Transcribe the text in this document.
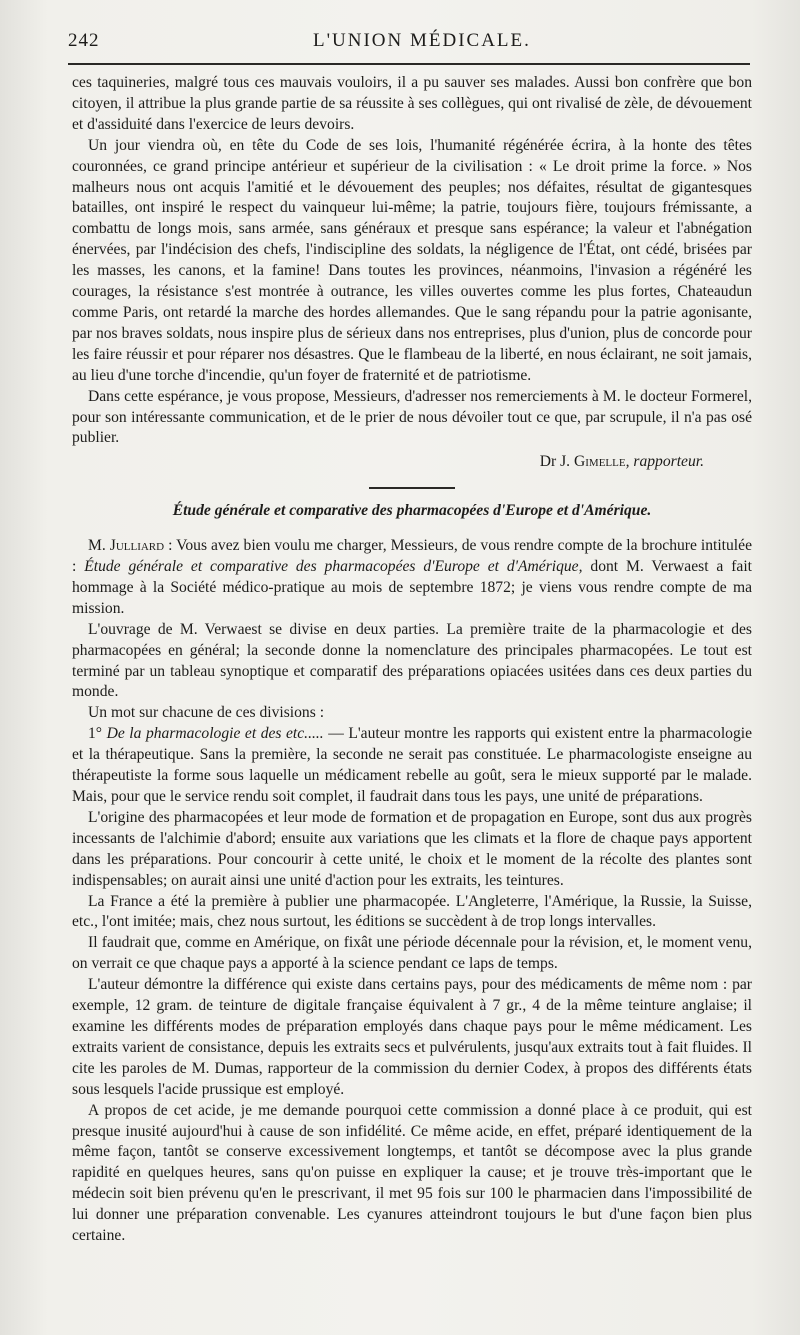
242	L'UNION MÉDICALE.

ces taquineries, malgré tous ces mauvais vouloirs, il a pu sauver ses malades. Aussi bon confrère que bon citoyen, il attribue la plus grande partie de sa réussite à ses collègues, qui ont rivalisé de zèle, de dévouement et d'assiduité dans l'exercice de leurs devoirs.

Un jour viendra où, en tête du Code de ses lois, l'humanité régénérée écrira, à la honte des têtes couronnées, ce grand principe antérieur et supérieur de la civilisation : « Le droit prime la force. » Nos malheurs nous ont acquis l'amitié et le dévouement des peuples; nos défaites, résultat de gigantesques batailles, ont inspiré le respect du vainqueur lui-même; la patrie, toujours fière, toujours frémissante, a combattu de longs mois, sans armée, sans généraux et presque sans espérance; la valeur et l'abnégation énervées, par l'indécision des chefs, l'indiscipline des soldats, la négligence de l'État, ont cédé, brisées par les masses, les canons, et la famine! Dans toutes les provinces, néanmoins, l'invasion a régénéré les courages, la résistance s'est montrée à outrance, les villes ouvertes comme les plus fortes, Chateaudun comme Paris, ont retardé la marche des hordes allemandes. Que le sang répandu pour la patrie agonisante, par nos braves soldats, nous inspire plus de sérieux dans nos entreprises, plus d'union, plus de concorde pour les faire réussir et pour réparer nos désastres. Que le flambeau de la liberté, en nous éclairant, ne soit jamais, au lieu d'une torche d'incendie, qu'un foyer de fraternité et de patriotisme.

Dans cette espérance, je vous propose, Messieurs, d'adresser nos remerciements à M. le docteur Formerel, pour son intéressante communication, et de le prier de nous dévoiler tout ce que, par scrupule, il n'a pas osé publier.

Dr J. Gimelle, rapporteur.
Étude générale et comparative des pharmacopées d'Europe et d'Amérique.

M. Julliard : Vous avez bien voulu me charger, Messieurs, de vous rendre compte de la brochure intitulée : Étude générale et comparative des pharmacopées d'Europe et d'Amérique, dont M. Verwaest a fait hommage à la Société médico-pratique au mois de septembre 1872; je viens vous rendre compte de ma mission.

L'ouvrage de M. Verwaest se divise en deux parties. La première traite de la pharmacologie et des pharmacopées en général; la seconde donne la nomenclature des principales pharmacopées. Le tout est terminé par un tableau synoptique et comparatif des préparations opiacées usitées dans ces deux parties du monde.

Un mot sur chacune de ces divisions :

1° De la pharmacologie et des etc..... — L'auteur montre les rapports qui existent entre la pharmacologie et la thérapeutique. Sans la première, la seconde ne serait pas constituée. Le pharmacologiste enseigne au thérapeutiste la forme sous laquelle un médicament rebelle au goût, sera le mieux supporté par le malade. Mais, pour que le service rendu soit complet, il faudrait dans tous les pays, une unité de préparations.

L'origine des pharmacopées et leur mode de formation et de propagation en Europe, sont dus aux progrès incessants de l'alchimie d'abord; ensuite aux variations que les climats et la flore de chaque pays apportent dans les préparations. Pour concourir à cette unité, le choix et le moment de la récolte des plantes sont indispensables; on aurait ainsi une unité d'action pour les extraits, les teintures.

La France a été la première à publier une pharmacopée. L'Angleterre, l'Amérique, la Russie, la Suisse, etc., l'ont imitée; mais, chez nous surtout, les éditions se succèdent à de trop longs intervalles.

Il faudrait que, comme en Amérique, on fixât une période décennale pour la révision, et, le moment venu, on verrait ce que chaque pays a apporté à la science pendant ce laps de temps.

L'auteur démontre la différence qui existe dans certains pays, pour des médicaments de même nom : par exemple, 12 gram. de teinture de digitale française équivalent à 7 gr., 4 de la même teinture anglaise; il examine les différents modes de préparation employés dans chaque pays pour le même médicament. Les extraits varient de consistance, depuis les extraits secs et pulvérulents, jusqu'aux extraits tout à fait fluides. Il cite les paroles de M. Dumas, rapporteur de la commission du dernier Codex, à propos des différents états sous lesquels l'acide prussique est employé.

A propos de cet acide, je me demande pourquoi cette commission a donné place à ce produit, qui est presque inusité aujourd'hui à cause de son infidélité. Ce même acide, en effet, préparé identiquement de la même façon, tantôt se conserve excessivement longtemps, et tantôt se décompose avec la plus grande rapidité en quelques heures, sans qu'on puisse en expliquer la cause; et je trouve très-important que le médecin soit bien prévenu qu'en le prescrivant, il met 95 fois sur 100 le pharmacien dans l'impossibilité de lui donner une préparation convenable. Les cyanures atteindront toujours le but d'une façon bien plus certaine.
